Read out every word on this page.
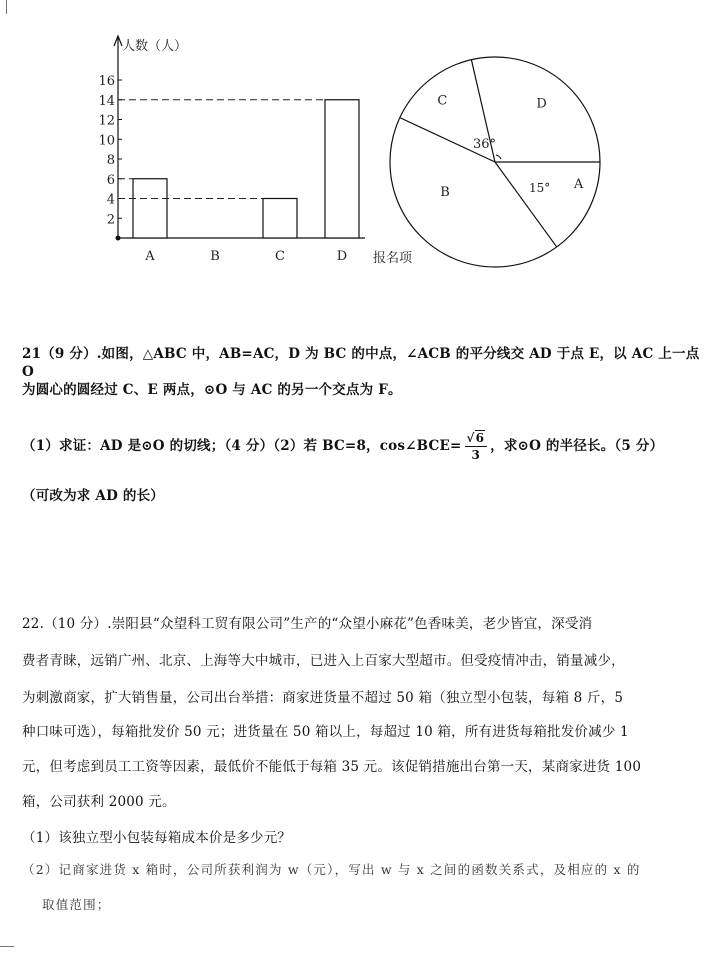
人数（人）
报名项
2
4
6
8
10
12
14
16
A	B	C	D
A
B
C	D
36°
15°
21（9 分）.如图，△ABC 中，AB=AC，D 为 BC 的中点，∠ACB 的平分线交 AD 于点 E，以 AC 上一点 O
为圆心的圆经过 C、E 两点，⊙O 与 AC 的另一个交点为 F。
（1）求证：AD 是⊙O 的切线；（4 分）（2）若 BC=8，cos∠BCE= $\frac{√6}{3}$ ，求⊙O 的半径长。（5 分）
（可改为求 AD 的长）
22.（10 分）.崇阳县“众望科工贸有限公司”生产的“众望小麻花”色香味美，老少皆宜，深受消
费者青睐，远销广州、北京、上海等大中城市，已进入上百家大型超市。但受疫情冲击，销量减少，
为刺激商家，扩大销售量，公司出台举措：商家进货量不超过 50 箱（独立型小包装，每箱 8 斤，5
种口味可选），每箱批发价 50 元；进货量在 50 箱以上，每超过 10 箱，所有进货每箱批发价减少 1
元，但考虑到员工工资等因素，最低价不能低于每箱 35 元。该促销措施出台第一天，某商家进货 100
箱，公司获利 2000 元。
（1）该独立型小包装每箱成本价是多少元？
（2）记商家进货 x 箱时，公司所获利润为 w（元），写出 w 与 x 之间的函数关系式，及相应的 x 的
取值范围；
